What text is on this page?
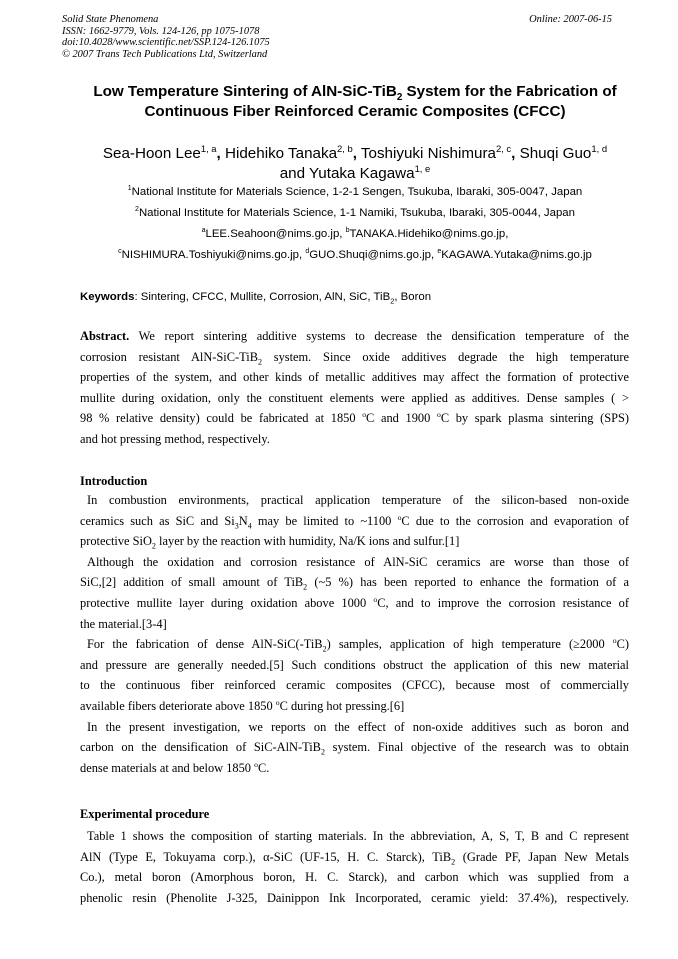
Solid State Phenomena
ISSN: 1662-9779, Vols. 124-126, pp 1075-1078
doi:10.4028/www.scientific.net/SSP.124-126.1075
© 2007 Trans Tech Publications Ltd, Switzerland
Online: 2007-06-15
Low Temperature Sintering of AlN-SiC-TiB$_2$ System for the Fabrication of
Continuous Fiber Reinforced Ceramic Composites (CFCC)
Sea-Hoon Lee$^{1, a}$, Hidehiko Tanaka$^{2, b}$, Toshiyuki Nishimura$^{2, c}$, Shuqi Guo$^{1, d}$
and Yutaka Kagawa$^{1, e}$
$^1$National Institute for Materials Science, 1-2-1 Sengen, Tsukuba, Ibaraki, 305-0047, Japan
$^2$National Institute for Materials Science, 1-1 Namiki, Tsukuba, Ibaraki, 305-0044, Japan
$^a$LEE.Seahoon@nims.go.jp, $^b$TANAKA.Hidehiko@nims.go.jp,
$^c$NISHIMURA.Toshiyuki@nims.go.jp, $^d$GUO.Shuqi@nims.go.jp, $^e$KAGAWA.Yutaka@nims.go.jp
Keywords: Sintering, CFCC, Mullite, Corrosion, AlN, SiC, TiB$_2$, Boron
Abstract. We report sintering additive systems to decrease the densification temperature of the
corrosion resistant AlN-SiC-TiB$_2$ system. Since oxide additives degrade the high temperature
properties of the system, and other kinds of metallic additives may affect the formation of protective
mullite during oxidation, only the constituent elements were applied as additives. Dense samples ( >
98 % relative density) could be fabricated at 1850 $^o$C and 1900 $^o$C by spark plasma sintering (SPS)
and hot pressing method, respectively.
Introduction
In combustion environments, practical application temperature of the silicon-based non-oxide
ceramics such as SiC and $Si_3N_4$ may be limited to ~1100 $^o$C due to the corrosion and evaporation of
protective SiO$_2$ layer by the reaction with humidity, Na/K ions and sulfur.[1]
Although the oxidation and corrosion resistance of AlN-SiC ceramics are worse than those of
SiC,[2] addition of small amount of TiB$_2$ (~5 %) has been reported to enhance the formation of a
protective mullite layer during oxidation above 1000 $^o$C, and to improve the corrosion resistance of
the material.[3-4]
For the fabrication of dense AlN-SiC(-TiB$_2$) samples, application of high temperature (≥2000 $^o$C)
and pressure are generally needed.[5] Such conditions obstruct the application of this new material
to the continuous fiber reinforced ceramic composites (CFCC), because most of commercially
available fibers deteriorate above 1850 $^o$C during hot pressing.[6]
In the present investigation, we reports on the effect of non-oxide additives such as boron and
carbon on the densification of SiC-AlN-TiB$_2$ system. Final objective of the research was to obtain
dense materials at and below 1850 $^o$C.
Experimental procedure
Table 1 shows the composition of starting materials. In the abbreviation, A, S, T, B and C represent
AlN (Type E, Tokuyama corp.), α-SiC (UF-15, H. C. Starck), TiB$_2$ (Grade PF, Japan New Metals
Co.), metal boron (Amorphous boron, H. C. Starck), and carbon which was supplied from a
phenolic resin (Phenolite J-325, Dainippon Ink Incorporated, ceramic yield: 37.4%), respectively.
